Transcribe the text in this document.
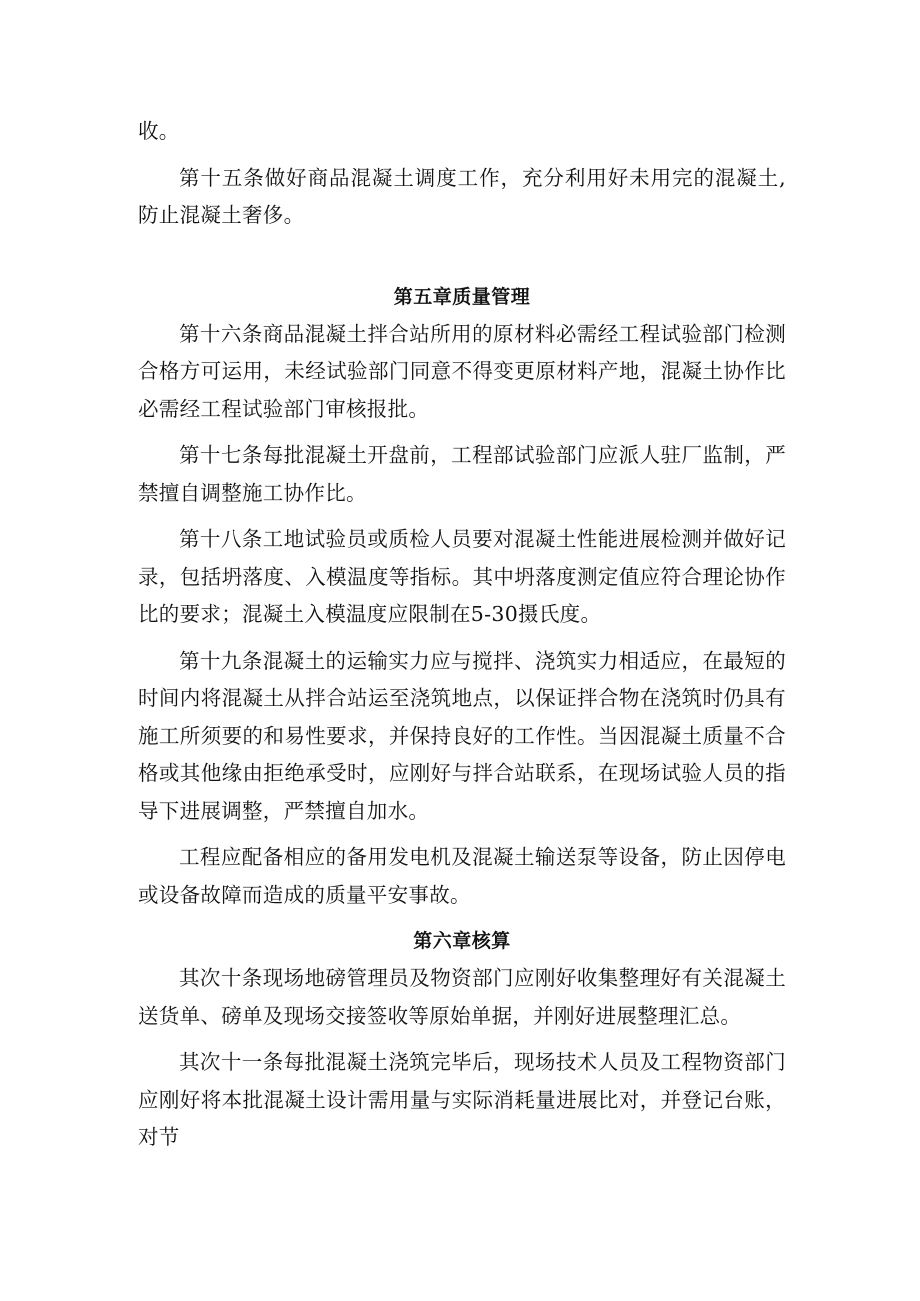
收。

第十五条做好商品混凝土调度工作，充分利用好未用完的混凝土,防止混凝土奢侈。

第五章质量管理

第十六条商品混凝土拌合站所用的原材料必需经工程试验部门检测合格方可运用，未经试验部门同意不得变更原材料产地，混凝土协作比必需经工程试验部门审核报批。

第十七条每批混凝土开盘前，工程部试验部门应派人驻厂监制，严禁擅自调整施工协作比。

第十八条工地试验员或质检人员要对混凝土性能进展检测并做好记录，包括坍落度、入模温度等指标。其中坍落度测定值应符合理论协作比的要求；混凝土入模温度应限制在5-30摄氏度。

第十九条混凝土的运输实力应与搅拌、浇筑实力相适应，在最短的时间内将混凝土从拌合站运至浇筑地点，以保证拌合物在浇筑时仍具有施工所须要的和易性要求，并保持良好的工作性。当因混凝土质量不合格或其他缘由拒绝承受时，应刚好与拌合站联系，在现场试验人员的指导下进展调整，严禁擅自加水。

工程应配备相应的备用发电机及混凝土输送泵等设备，防止因停电或设备故障而造成的质量平安事故。

第六章核算

其次十条现场地磅管理员及物资部门应刚好收集整理好有关混凝土送货单、磅单及现场交接签收等原始单据，并刚好进展整理汇总。

其次十一条每批混凝土浇筑完毕后，现场技术人员及工程物资部门应刚好将本批混凝土设计需用量与实际消耗量进展比对，并登记台账，对节
